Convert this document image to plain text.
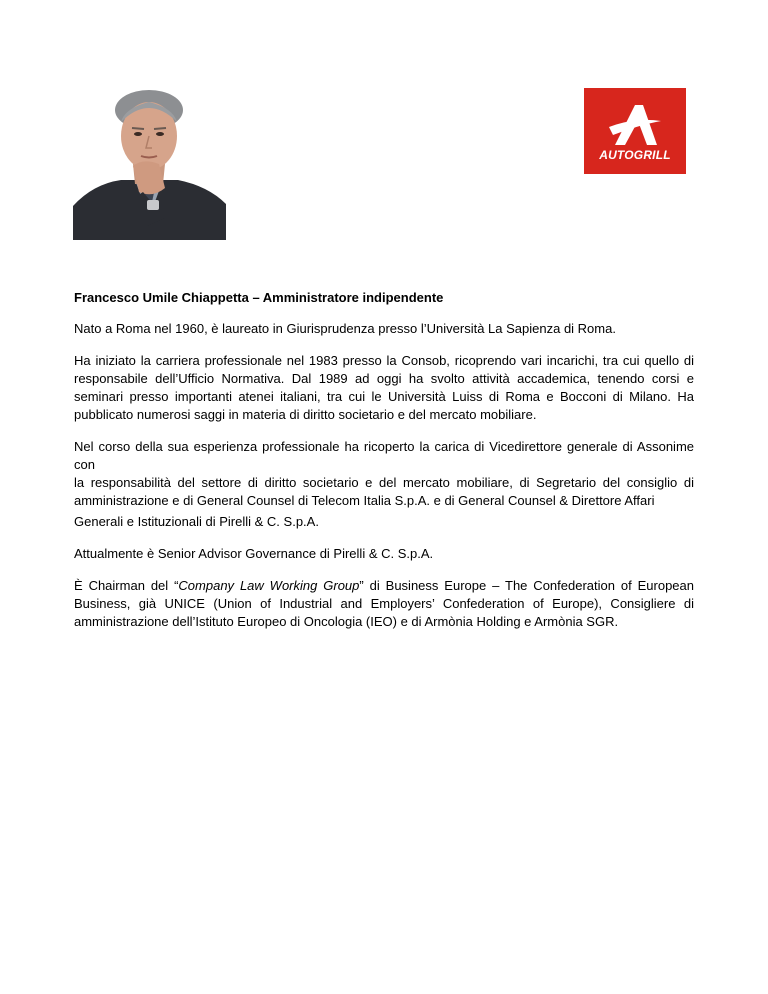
AUTOGRILL

Francesco Umile Chiappetta – Amministratore indipendente

Nato a Roma nel 1960, è laureato in Giurisprudenza presso l’Università La Sapienza di Roma.

Ha iniziato la carriera professionale nel 1983 presso la Consob, ricoprendo vari incarichi, tra cui quello di responsabile dell’Ufficio Normativa. Dal 1989 ad oggi ha svolto attività accademica, tenendo corsi e seminari presso importanti atenei italiani, tra cui le Università Luiss di Roma e Bocconi di Milano. Ha pubblicato numerosi saggi in materia di diritto societario e del mercato mobiliare.

Nel corso della sua esperienza professionale ha ricoperto la carica di Vicedirettore generale di Assonime con
la responsabilità del settore di diritto societario e del mercato mobiliare, di Segretario del consiglio di
amministrazione e di General Counsel di Telecom Italia S.p.A. e di General Counsel & Direttore Affari
Generali e Istituzionali di Pirelli & C. S.p.A.

Attualmente è Senior Advisor Governance di Pirelli & C. S.p.A.

È Chairman del “Company Law Working Group” di Business Europe – The Confederation of European Business, già UNICE (Union of Industrial and Employers’ Confederation of Europe), Consigliere di amministrazione dell’Istituto Europeo di Oncologia (IEO) e di Armònia Holding e Armònia SGR.
